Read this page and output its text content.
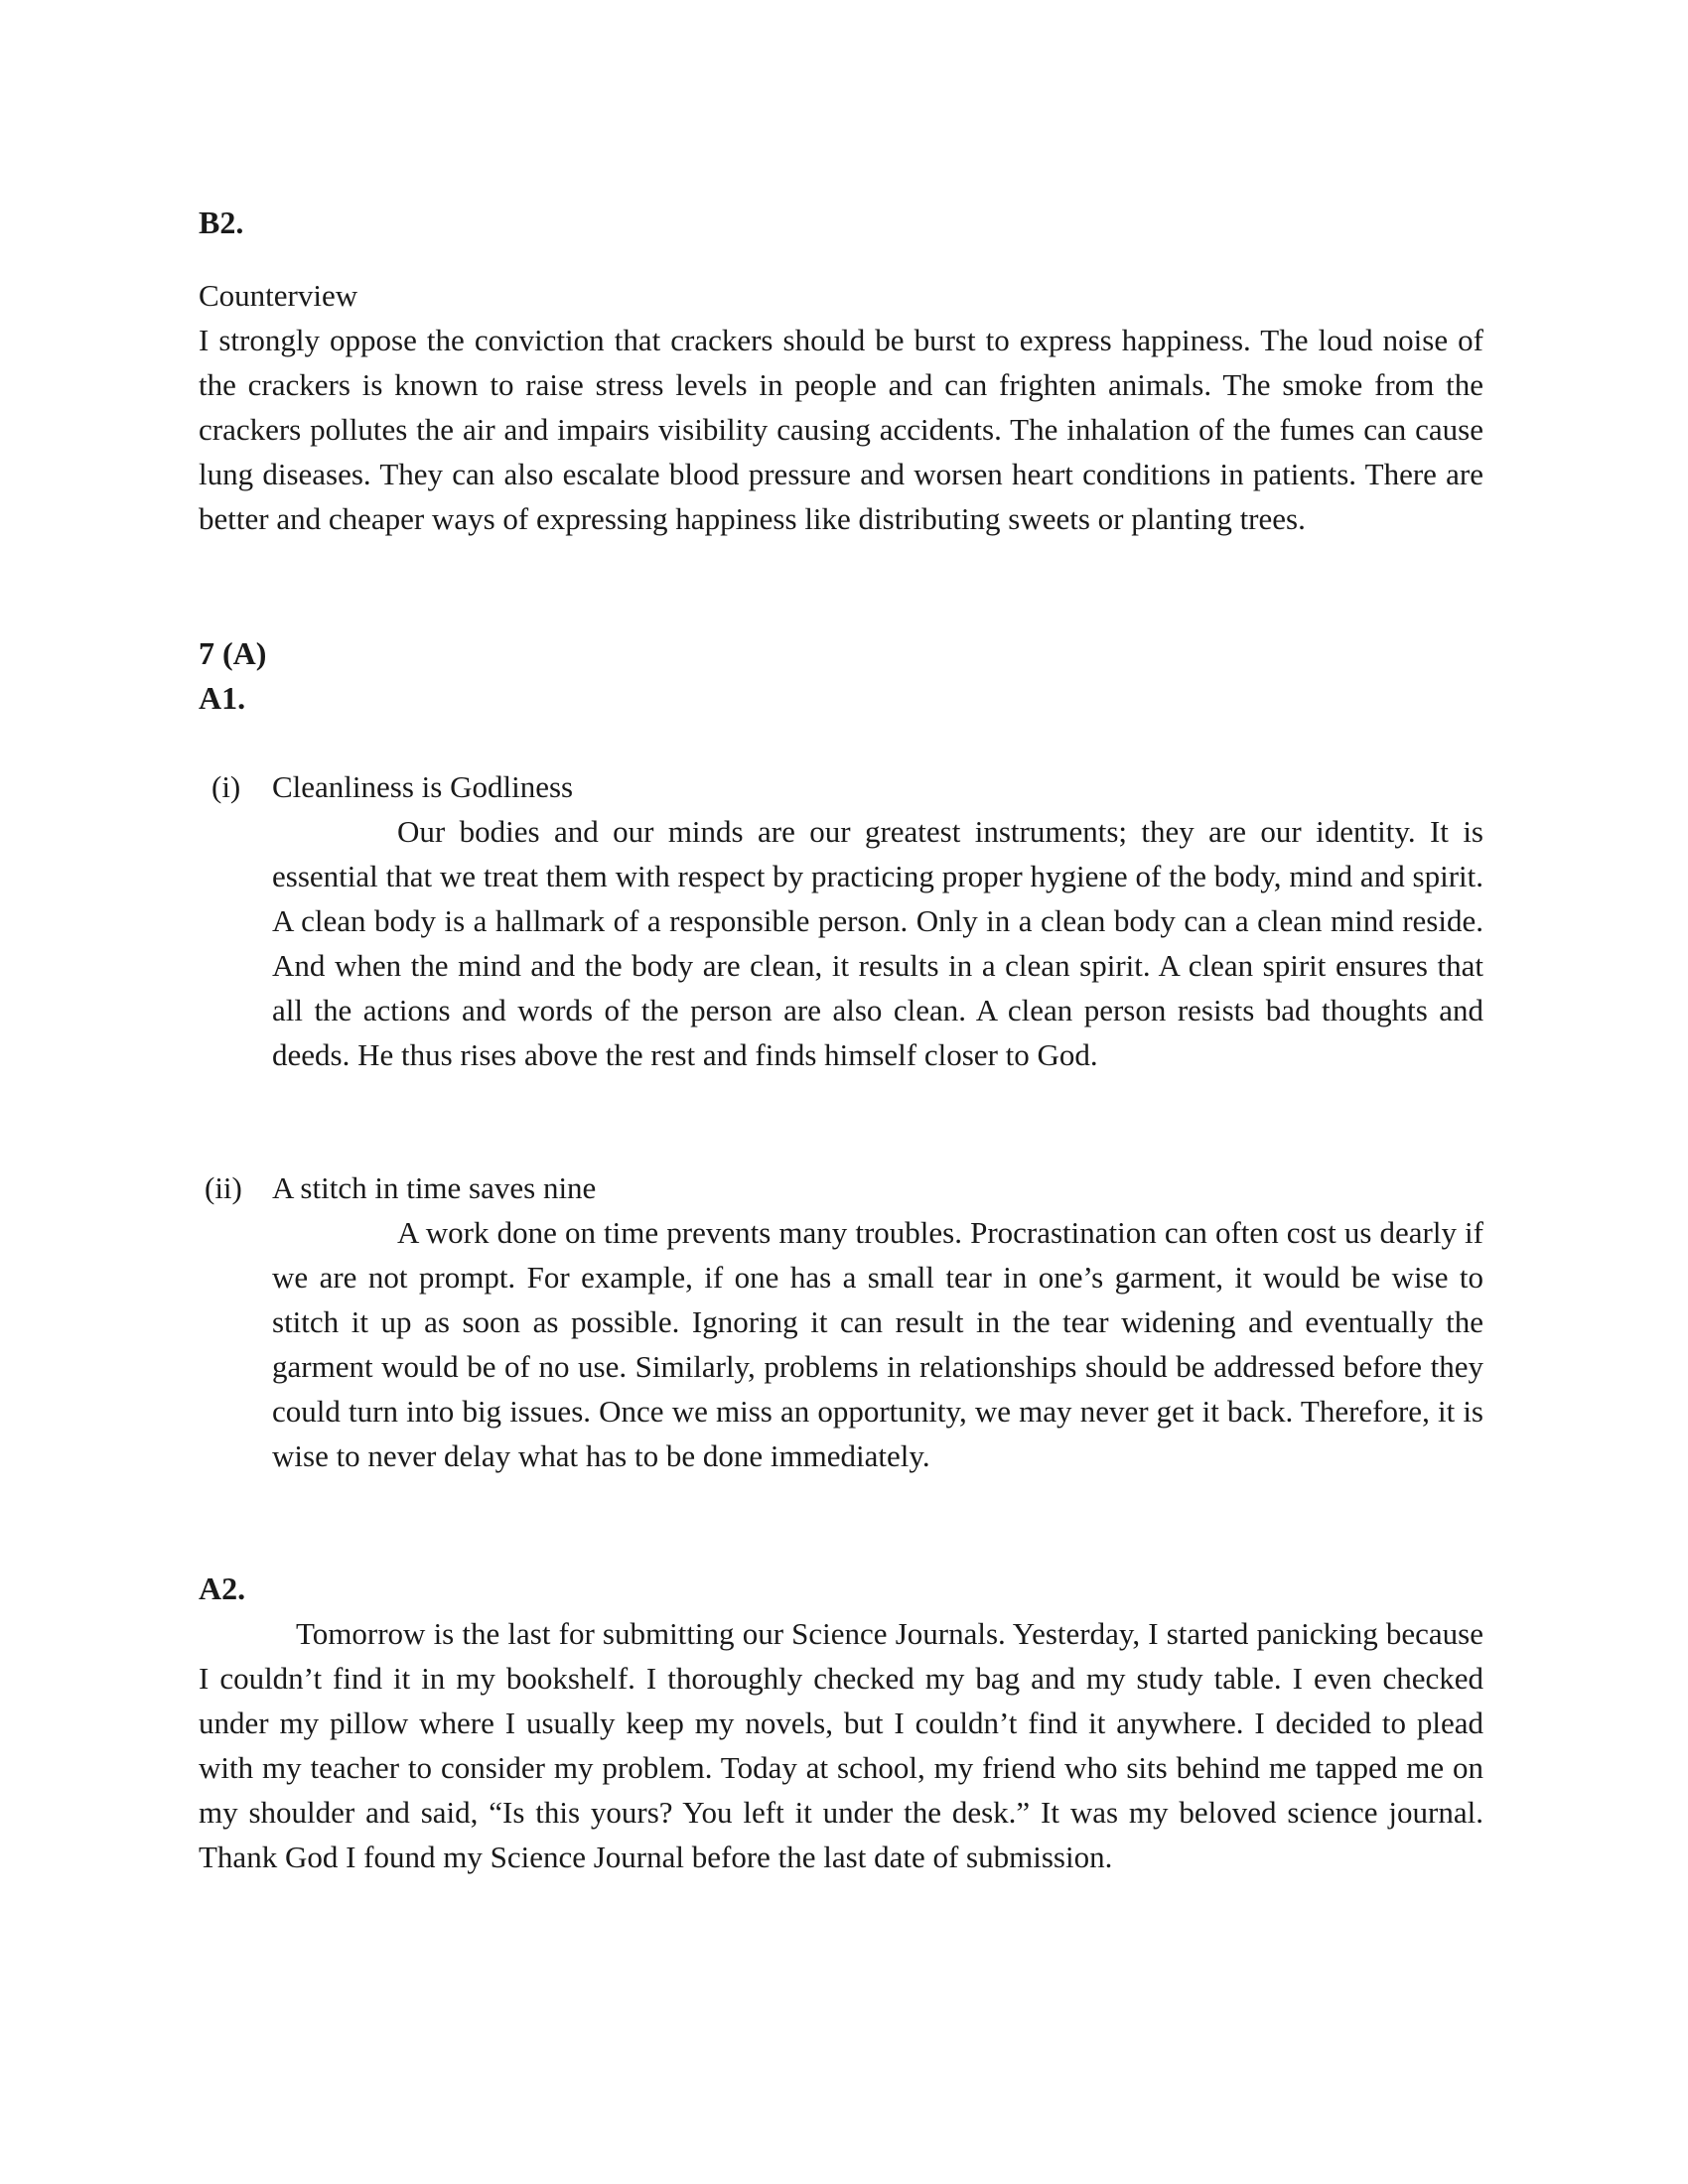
B2.
Counterview

I strongly oppose the conviction that crackers should be burst to express happiness. The loud noise of the crackers is known to raise stress levels in people and can frighten animals. The smoke from the crackers pollutes the air and impairs visibility causing accidents. The inhalation of the fumes can cause lung diseases. They can also escalate blood pressure and worsen heart conditions in patients. There are better and cheaper ways of expressing happiness like distributing sweets or planting trees.

7 (A)
A1.
(i) Cleanliness is Godliness

Our bodies and our minds are our greatest instruments; they are our identity. It is essential that we treat them with respect by practicing proper hygiene of the body, mind and spirit. A clean body is a hallmark of a responsible person. Only in a clean body can a clean mind reside. And when the mind and the body are clean, it results in a clean spirit. A clean spirit ensures that all the actions and words of the person are also clean. A clean person resists bad thoughts and deeds. He thus rises above the rest and finds himself closer to God.

(ii) A stitch in time saves nine

A work done on time prevents many troubles. Procrastination can often cost us dearly if we are not prompt. For example, if one has a small tear in one’s garment, it would be wise to stitch it up as soon as possible. Ignoring it can result in the tear widening and eventually the garment would be of no use. Similarly, problems in relationships should be addressed before they could turn into big issues. Once we miss an opportunity, we may never get it back. Therefore, it is wise to never delay what has to be done immediately.

A2.

Tomorrow is the last for submitting our Science Journals. Yesterday, I started panicking because I couldn’t find it in my bookshelf. I thoroughly checked my bag and my study table. I even checked under my pillow where I usually keep my novels, but I couldn’t find it anywhere. I decided to plead with my teacher to consider my problem. Today at school, my friend who sits behind me tapped me on my shoulder and said, “Is this yours? You left it under the desk.” It was my beloved science journal. Thank God I found my Science Journal before the last date of submission.
